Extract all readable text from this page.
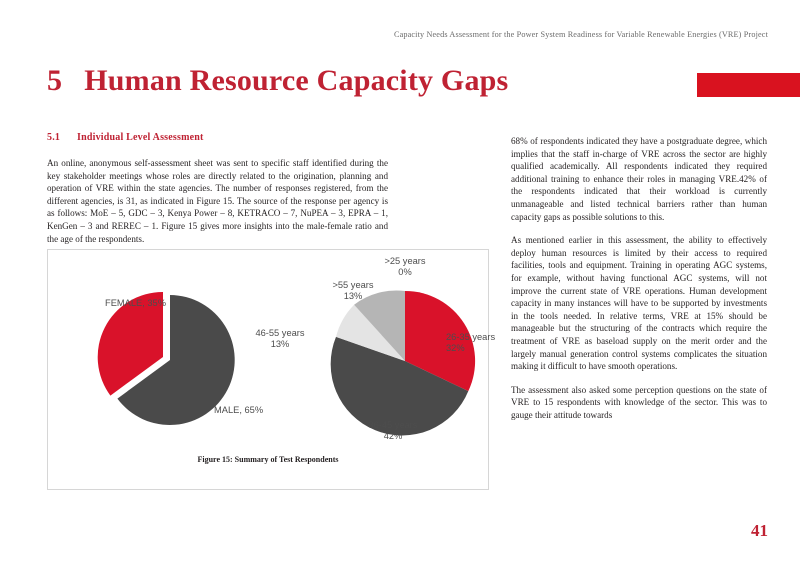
Capacity Needs Assessment for the Power System Readiness for Variable Renewable Energies (VRE) Project
5 Human Resource Capacity Gaps
5.1 Individual Level Assessment

An online, anonymous self-assessment sheet was sent to specific staff identified during the key stakeholder meetings whose roles are directly related to the origination, planning and operation of VRE within the state agencies. The number of responses registered, from the different agencies, is 31, as indicated in Figure 15. The source of the response per agency is as follows: MoE – 5, GDC – 3, Kenya Power – 8, KETRACO – 7, NuPEA – 3, EPRA – 1, KenGen – 3 and REREC – 1. Figure 15 gives more insights into the male-female ratio and the age of the respondents.

68% of respondents indicated they have a postgraduate degree, which implies that the staff in-charge of VRE across the sector are highly qualified academically. All respondents indicated they required additional training to enhance their roles in managing VRE.42% of the respondents indicated that their workload is currently unmanageable and listed technical barriers rather than human capacity gaps as possible solutions to this.

As mentioned earlier in this assessment, the ability to effectively deploy human resources is limited by their access to required facilities, tools and equipment. Training in operating AGC systems, for example, without having functional AGC systems, will not improve the current state of VRE operations. Human development capacity in many instances will have to be supported by investments in the tools needed. In relative terms, VRE at 15% should be manageable but the structuring of the contracts which require the treatment of VRE as baseload supply on the merit order and the largely manual generation control systems complicates the situation making it difficult to have smooth operations.

The assessment also asked some perception questions on the state of VRE to 15 respondents with knowledge of the sector. This was to gauge their attitude towards

FEMALE, 35%
MALE, 65%
>25 years
0%
>55 years
13%
46-55 years
13%
26-35 years
32%
36-45 years
42%
Figure 15: Summary of Test Respondents
41
